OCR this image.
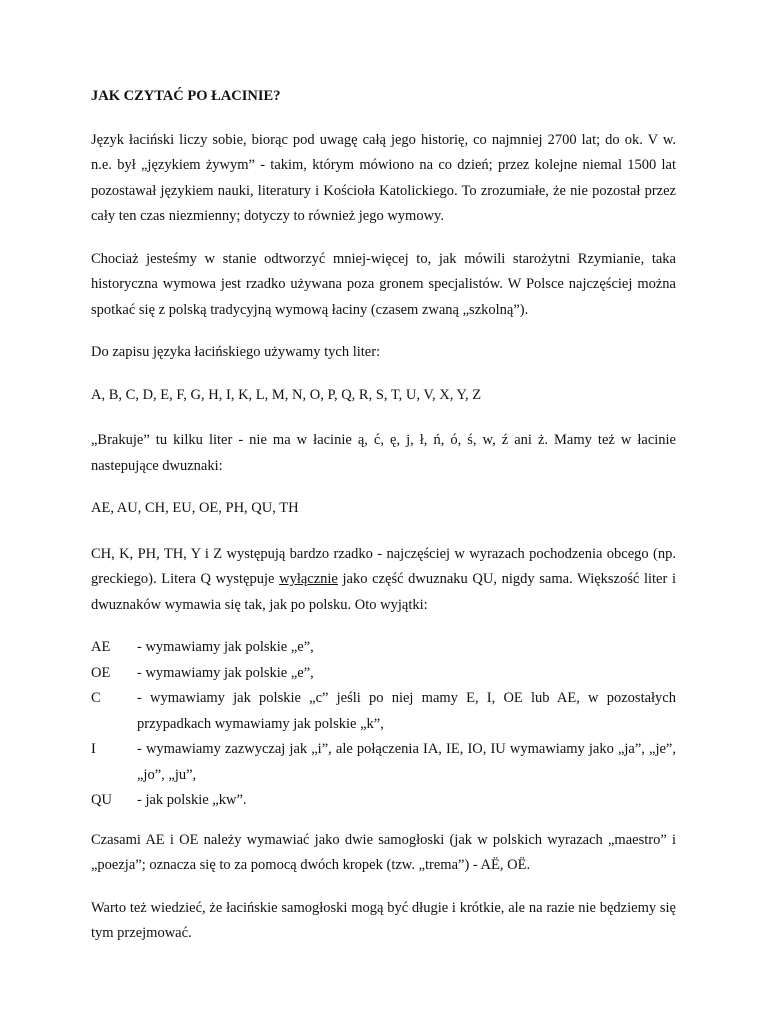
JAK CZYTAĆ PO ŁACINIE?

Język łaciński liczy sobie, biorąc pod uwagę całą jego historię, co najmniej 2700 lat; do ok. V w. n.e. był „językiem żywym” - takim, którym mówiono na co dzień; przez kolejne niemal 1500 lat pozostawał językiem nauki, literatury i Kościoła Katolickiego. To zrozumiałe, że nie pozostał przez cały ten czas niezmienny; dotyczy to również jego wymowy.

Chociaż jesteśmy w stanie odtworzyć mniej-więcej to, jak mówili starożytni Rzymianie, taka historyczna wymowa jest rzadko używana poza gronem specjalistów. W Polsce najczęściej można spotkać się z polską tradycyjną wymową łaciny (czasem zwaną „szkolną”).

Do zapisu języka łacińskiego używamy tych liter:

A, B, C, D, E, F, G, H, I, K, L, M, N, O, P, Q, R, S, T, U, V, X, Y, Z

„Brakuje” tu kilku liter - nie ma w łacinie ą, ć, ę, j, ł, ń, ó, ś, w, ź ani ż. Mamy też w łacinie nastepujące dwuznaki:

AE, AU, CH, EU, OE, PH, QU, TH

CH, K, PH, TH, Y i Z występują bardzo rzadko - najczęściej w wyrazach pochodzenia obcego (np. greckiego). Litera Q występuje wyłącznie jako część dwuznaku QU, nigdy sama. Większość liter i dwuznaków wymawia się tak, jak po polsku. Oto wyjątki:

AE	- wymawiamy jak polskie „e”,
OE	- wymawiamy jak polskie „e”,
C	- wymawiamy jak polskie „c” jeśli po niej mamy E, I, OE lub AE, w pozostałych przypadkach wymawiamy jak polskie „k”,
I	- wymawiamy zazwyczaj jak „i”, ale połączenia IA, IE, IO, IU wymawiamy jako „ja”, „je”, „jo”, „ju”,
QU	- jak polskie „kw”.

Czasami AE i OE należy wymawiać jako dwie samogłoski (jak w polskich wyrazach „maestro” i „poezja”; oznacza się to za pomocą dwóch kropek (tzw. „trema”) - AË, OË.

Warto też wiedzieć, że łacińskie samogłoski mogą być długie i krótkie, ale na razie nie będziemy się tym przejmować.
